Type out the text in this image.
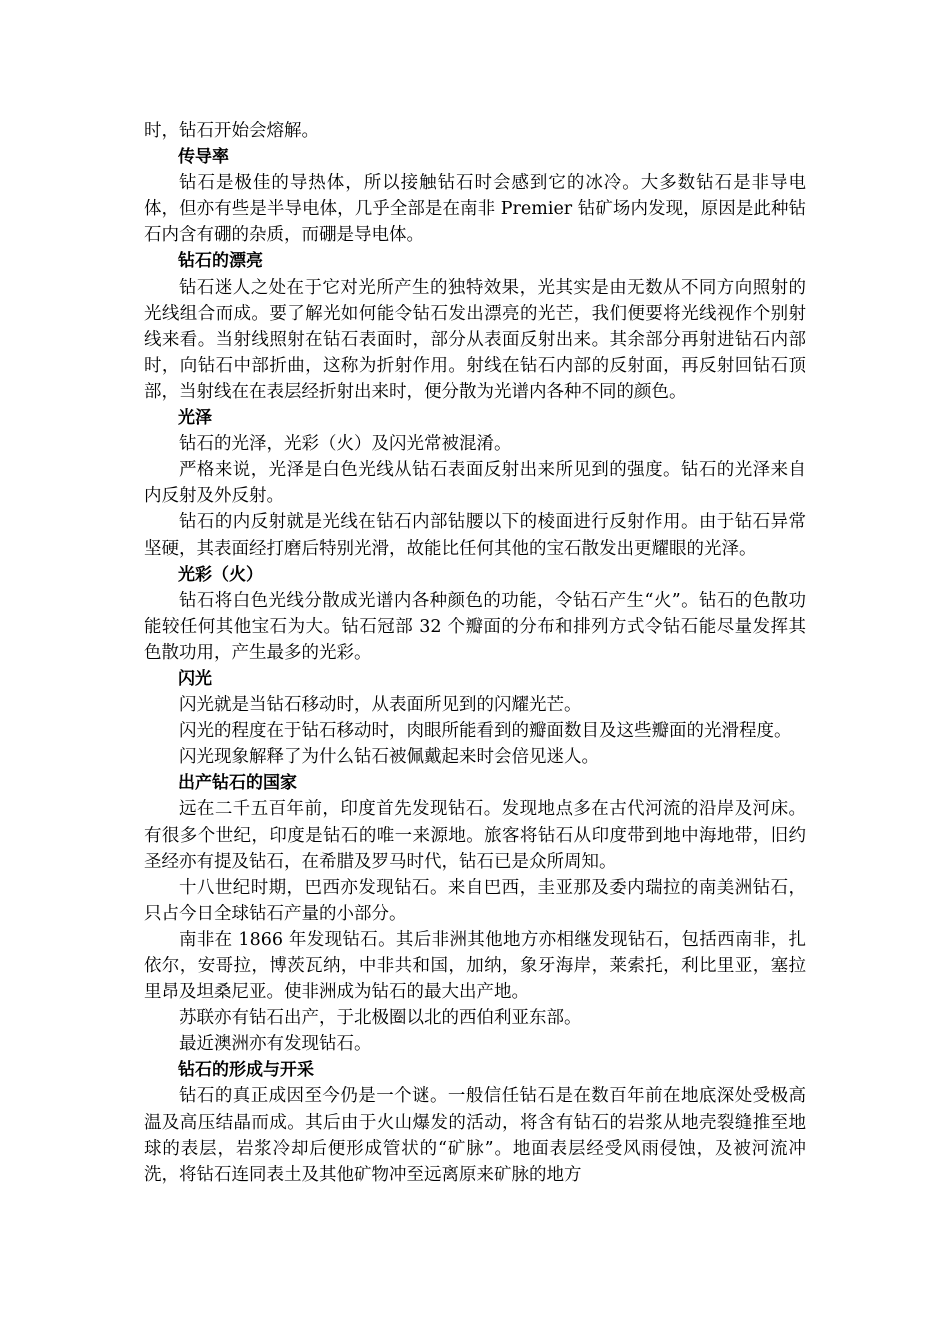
时，钻石开始会熔解。

传导率

钻石是极佳的导热体，所以接触钻石时会感到它的冰冷。大多数钻石是非导电体，但亦有些是半导电体，几乎全部是在南非 Premier 钻矿场内发现，原因是此种钻石内含有硼的杂质，而硼是导电体。

钻石的漂亮

钻石迷人之处在于它对光所产生的独特效果，光其实是由无数从不同方向照射的光线组合而成。要了解光如何能令钻石发出漂亮的光芒，我们便要将光线视作个别射线来看。当射线照射在钻石表面时，部分从表面反射出来。其余部分再射进钻石内部时，向钻石中部折曲，这称为折射作用。射线在钻石内部的反射面，再反射回钻石顶部，当射线在在表层经折射出来时，便分散为光谱内各种不同的颜色。

光泽

钻石的光泽，光彩（火）及闪光常被混淆。

严格来说，光泽是白色光线从钻石表面反射出来所见到的强度。钻石的光泽来自内反射及外反射。

钻石的内反射就是光线在钻石内部钻腰以下的棱面进行反射作用。由于钻石异常坚硬，其表面经打磨后特别光滑，故能比任何其他的宝石散发出更耀眼的光泽。

光彩（火）

钻石将白色光线分散成光谱内各种颜色的功能，令钻石产生“火”。钻石的色散功能较任何其他宝石为大。钻石冠部 32 个瓣面的分布和排列方式令钻石能尽量发挥其色散功用，产生最多的光彩。

闪光

闪光就是当钻石移动时，从表面所见到的闪耀光芒。

闪光的程度在于钻石移动时，肉眼所能看到的瓣面数目及这些瓣面的光滑程度。

闪光现象解释了为什么钻石被佩戴起来时会倍见迷人。

出产钻石的国家

远在二千五百年前，印度首先发现钻石。发现地点多在古代河流的沿岸及河床。有很多个世纪，印度是钻石的唯一来源地。旅客将钻石从印度带到地中海地带，旧约圣经亦有提及钻石，在希腊及罗马时代，钻石已是众所周知。

十八世纪时期，巴西亦发现钻石。来自巴西，圭亚那及委内瑞拉的南美洲钻石，只占今日全球钻石产量的小部分。

南非在 1866 年发现钻石。其后非洲其他地方亦相继发现钻石，包括西南非，扎依尔，安哥拉，博茨瓦纳，中非共和国，加纳，象牙海岸，莱索托，利比里亚，塞拉里昂及坦桑尼亚。使非洲成为钻石的最大出产地。

苏联亦有钻石出产，于北极圈以北的西伯利亚东部。

最近澳洲亦有发现钻石。

钻石的形成与开采

钻石的真正成因至今仍是一个谜。一般信任钻石是在数百年前在地底深处受极高温及高压结晶而成。其后由于火山爆发的活动，将含有钻石的岩浆从地壳裂缝推至地球的表层，岩浆冷却后便形成管状的“矿脉”。地面表层经受风雨侵蚀，及被河流冲洗，将钻石连同表土及其他矿物冲至远离原来矿脉的地方
